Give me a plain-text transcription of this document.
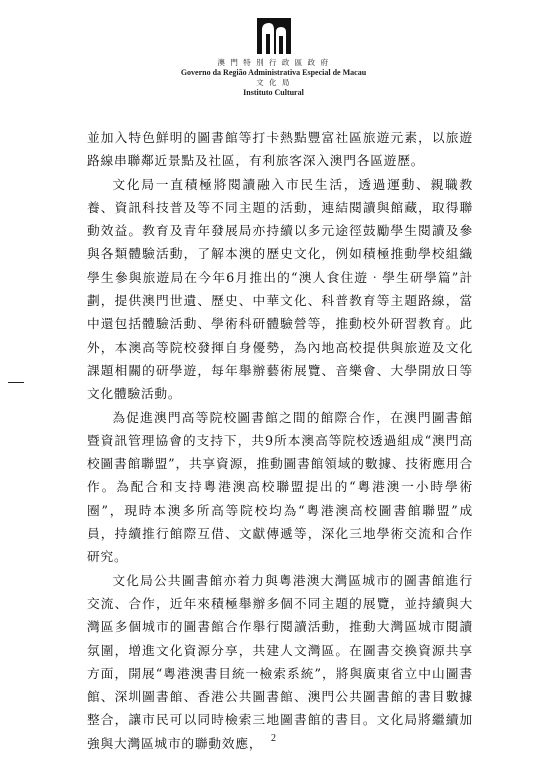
澳 門 特 別 行 政 區 政 府
Governo da Região Administrativa Especial de Macau
文 化 局
Instituto Cultural

並加入特色鮮明的圖書館等打卡熱點豐富社區旅遊元素，以旅遊路線串聯鄰近景點及社區，有利旅客深入澳門各區遊歷。

文化局一直積極將閱讀融入市民生活，透過運動、親職教養、資訊科技普及等不同主題的活動，連結閱讀與館藏，取得聯動效益。教育及青年發展局亦持續以多元途徑鼓勵學生閱讀及參與各類體驗活動，了解本澳的歷史文化，例如積極推動學校組織學生參與旅遊局在今年6月推出的“澳人食住遊‧學生研學篇”計劃，提供澳門世遺、歷史、中華文化、科普教育等主題路線，當中還包括體驗活動、學術科研體驗營等，推動校外研習教育。此外，本澳高等院校發揮自身優勢，為內地高校提供與旅遊及文化課題相關的研學遊，每年舉辦藝術展覽、音樂會、大學開放日等文化體驗活動。

為促進澳門高等院校圖書館之間的館際合作，在澳門圖書館暨資訊管理協會的支持下，共9所本澳高等院校透過組成“澳門高校圖書館聯盟”，共享資源，推動圖書館領域的數據、技術應用合作。為配合和支持粵港澳高校聯盟提出的“粵港澳一小時學術圈”，現時本澳多所高等院校均為“粵港澳高校圖書館聯盟”成員，持續推行館際互借、文獻傳遞等，深化三地學術交流和合作研究。

文化局公共圖書館亦着力與粵港澳大灣區城市的圖書館進行交流、合作，近年來積極舉辦多個不同主題的展覽，並持續與大灣區多個城市的圖書館合作舉行閱讀活動，推動大灣區城市閱讀氛圍，增進文化資源分享，共建人文灣區。在圖書交換資源共享方面，開展“粵港澳書目統一檢索系統”，將與廣東省立中山圖書館、深圳圖書館、香港公共圖書館、澳門公共圖書館的書目數據整合，讓市民可以同時檢索三地圖書館的書目。文化局將繼續加強與大灣區城市的聯動效應， 2
